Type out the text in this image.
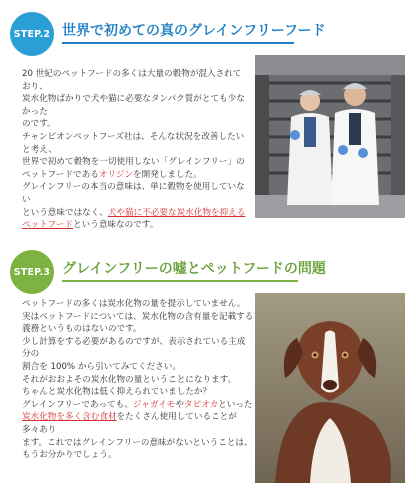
STEP.2 世界で初めての真のグレインフリーフード

20 世紀のペットフードの多くは大量の穀物が混入されており、

炭水化物ばかりで犬や猫に必要なタンパク質がとても少なかった

のです。

チャンピオンペットフーズ社は、そんな状況を改善したいと考え、

世界で初めて穀物を一切使用しない「グレインフリー」の

ペットフードであるオリジンを開発しました。

グレインフリーの本当の意味は、単に穀物を使用していない

という意味ではなく、犬や猫に不必要な炭水化物を抑える

ペットフードという意味なのです。

STEP.3 グレインフリーの嘘とペットフードの問題

ペットフードの多くは炭水化物の量を提示していません。

実はペットフードについては、炭水化物の含有量を記載する

義務というものはないのです。

少し計算をする必要があるのですが、表示されている主成分の

割合を 100% から引いてみてください。

それがおおよその炭水化物の量ということになります。

ちゃんと炭水化物は低く抑えられていましたか？

グレインフリーであっても、ジャガイモやタピオカといった

炭水化物を多く含む食材をたくさん使用していることが多々あり

ます。これではグレインフリーの意味がないということは、

もうお分かりでしょう。
